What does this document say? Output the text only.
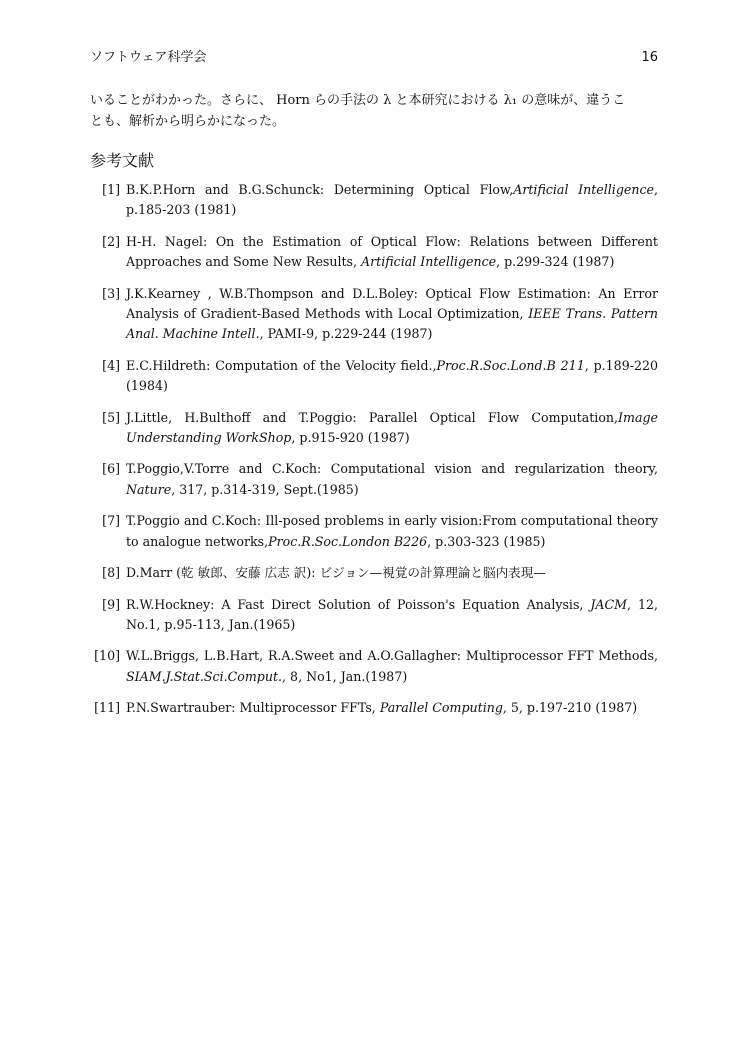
ソフトウェア科学会	16
いることがわかった。さらに、 Horn らの手法の λ と本研究における λ₁ の意味が、違うこ
とも、解析から明らかになった。
参考文献
[1] B.K.P.Horn and B.G.Schunck: Determining Optical Flow,Artificial Intelligence, p.185-203 (1981)
[2] H-H. Nagel: On the Estimation of Optical Flow: Relations between Different Approaches and Some New Results, Artificial Intelligence, p.299-324 (1987)
[3] J.K.Kearney , W.B.Thompson and D.L.Boley: Optical Flow Estimation: An Error Analysis of Gradient-Based Methods with Local Optimization, IEEE Trans. Pattern Anal. Machine Intell., PAMI-9, p.229-244 (1987)
[4] E.C.Hildreth: Computation of the Velocity field.,Proc.R.Soc.Lond.B 211, p.189-220 (1984)
[5] J.Little, H.Bulthoff and T.Poggio: Parallel Optical Flow Computation,Image Understanding WorkShop, p.915-920 (1987)
[6] T.Poggio,V.Torre and C.Koch: Computational vision and regularization theory, Nature, 317, p.314-319, Sept.(1985)
[7] T.Poggio and C.Koch: Ill-posed problems in early vision:From computational theory to analogue networks,Proc.R.Soc.London B226, p.303-323 (1985)
[8] D.Marr (乾 敏郎、安藤 広志 訳): ビジョン—視覚の計算理論と脳内表現—
[9] R.W.Hockney: A Fast Direct Solution of Poisson's Equation Analysis, JACM, 12, No.1, p.95-113, Jan.(1965)
[10] W.L.Briggs, L.B.Hart, R.A.Sweet and A.O.Gallagher: Multiprocessor FFT Methods, SIAM.J.Stat.Sci.Comput., 8, No1, Jan.(1987)
[11] P.N.Swartrauber: Multiprocessor FFTs, Parallel Computing, 5, p.197-210 (1987)
